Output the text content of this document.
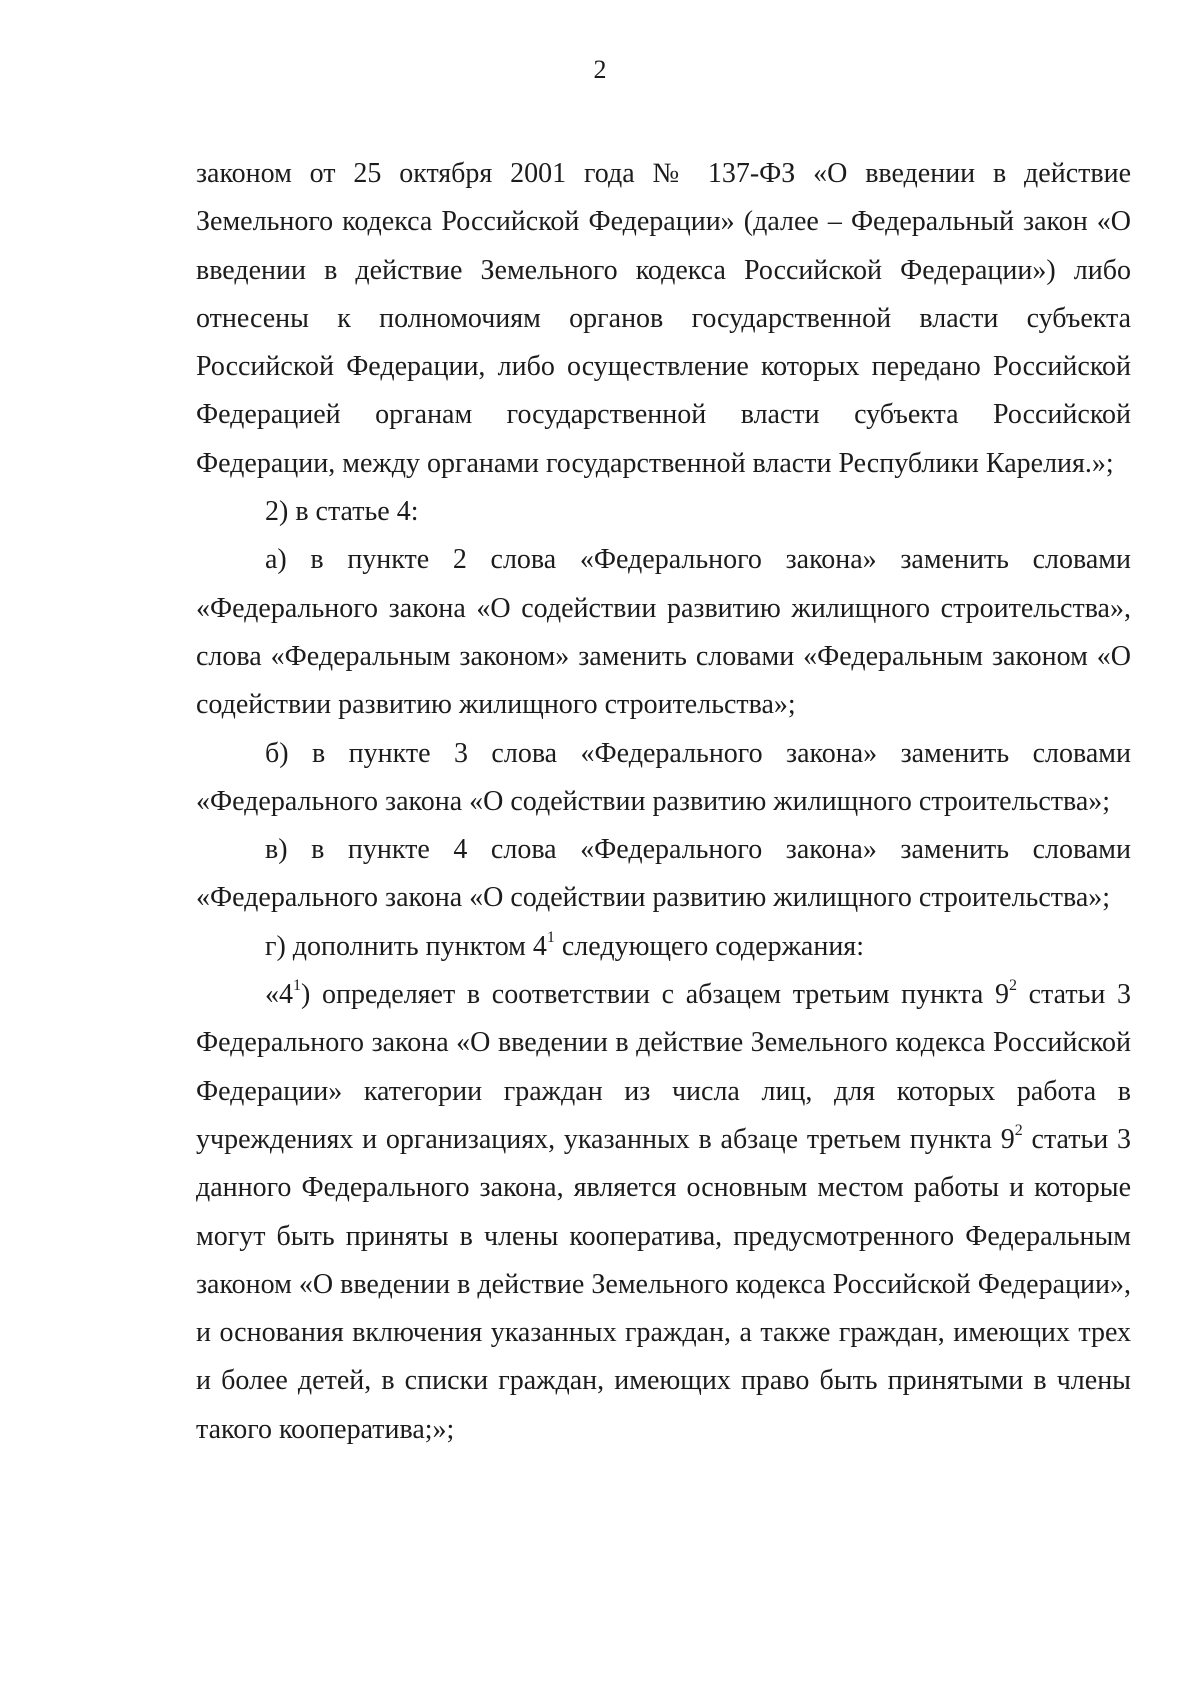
2

законом от 25 октября 2001 года № 137-ФЗ «О введении в действие Земельного кодекса Российской Федерации» (далее – Федеральный закон «О введении в действие Земельного кодекса Российской Федерации») либо отнесены к полномочиям органов государственной власти субъекта Российской Федерации, либо осуществление которых передано Российской Федерацией органам государственной власти субъекта Российской Федерации, между органами государственной власти Республики Карелия.»;

2) в статье 4:

а) в пункте 2 слова «Федерального закона» заменить словами «Федерального закона «О содействии развитию жилищного строительства», слова «Федеральным законом» заменить словами «Федеральным законом «О содействии развитию жилищного строительства»;

б) в пункте 3 слова «Федерального закона» заменить словами «Федерального закона «О содействии развитию жилищного строительства»;

в) в пункте 4 слова «Федерального закона» заменить словами «Федерального закона «О содействии развитию жилищного строительства»;

г) дополнить пунктом $4^1$ следующего содержания:

«$4^1$) определяет в соответствии с абзацем третьим пункта $9^2$ статьи 3 Федерального закона «О введении в действие Земельного кодекса Российской Федерации» категории граждан из числа лиц, для которых работа в учреждениях и организациях, указанных в абзаце третьем пункта $9^2$ статьи 3 данного Федерального закона, является основным местом работы и которые могут быть приняты в члены кооператива, предусмотренного Федеральным законом «О введении в действие Земельного кодекса Российской Федерации», и основания включения указанных граждан, а также граждан, имеющих трех и более детей, в списки граждан, имеющих право быть принятыми в члены такого кооператива;»;
